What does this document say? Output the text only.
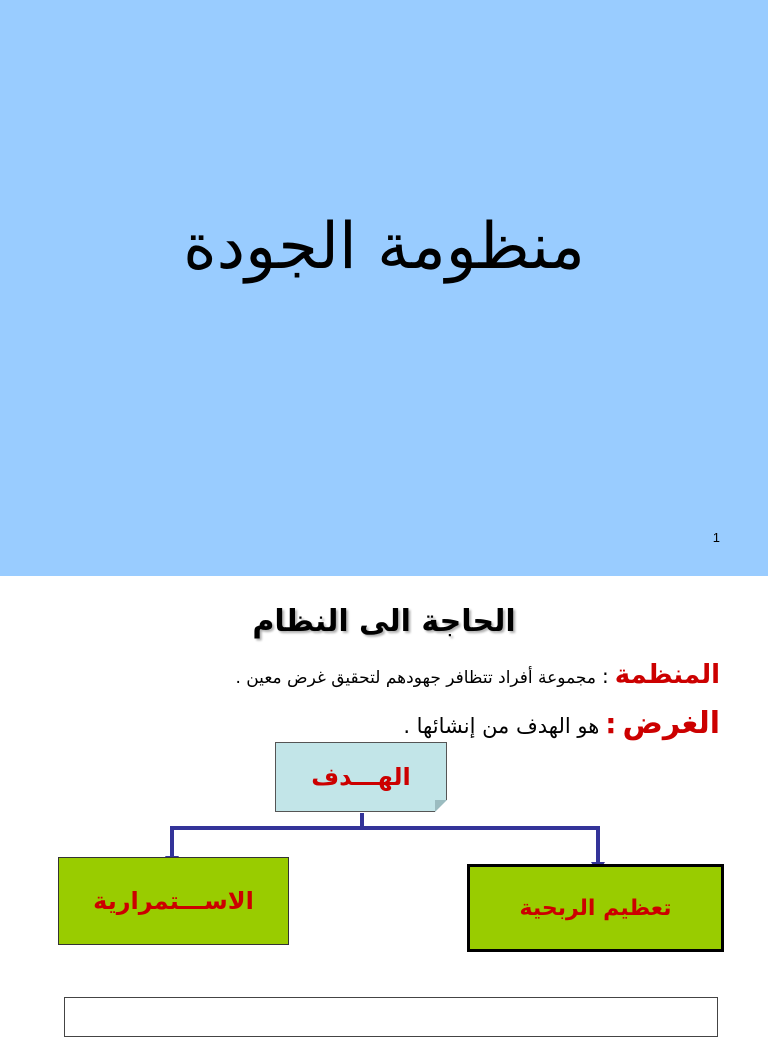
منظومة الجودة
1
الحاجة الى النظام
المنظمة:مجموعة أفراد تتظافر جهودهم لتحقيق غرض معين .
الغرض:هو الهدف من إنشائها .
الهـــدف
الاســـتمرارية	تعظيم الربحية
